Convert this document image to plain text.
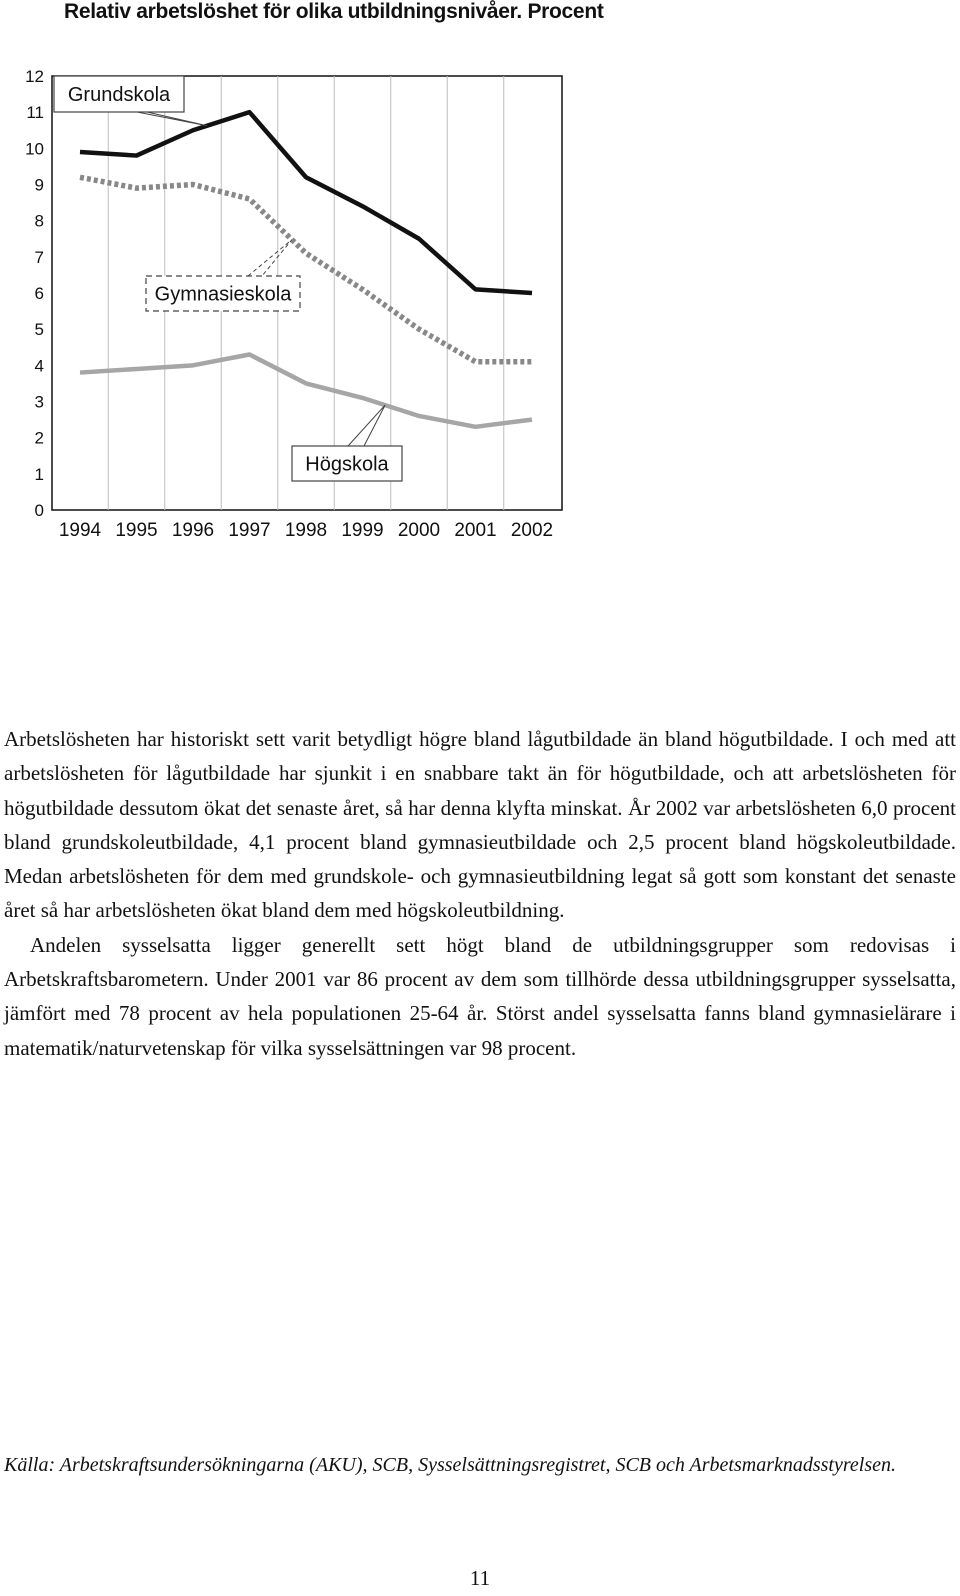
Relativ arbetslöshet för olika utbildningsnivåer. Procent
0
1
2
3
4
5
6
7
8
9
10
11
12
1994 1995 1996 1997 1998 1999 2000 2001 2002
Grundskola
Gymnasieskola
Högskola

Arbetslösheten har historiskt sett varit betydligt högre bland lågutbildade än bland högutbildade. I och med att arbetslösheten för lågutbildade har sjunkit i en snabbare takt än för högutbildade, och att arbetslösheten för högutbildade dessutom ökat det senaste året, så har denna klyfta minskat. År 2002 var arbetslösheten 6,0 procent bland grundskoleutbildade, 4,1 procent bland gymnasieutbildade och 2,5 procent bland högskoleutbildade. Medan arbetslösheten för dem med grundskole- och gymnasieutbildning legat så gott som konstant det senaste året så har arbetslösheten ökat bland dem med högskoleutbildning.

Andelen sysselsatta ligger generellt sett högt bland de utbildningsgrupper som redovisas i Arbetskraftsbarometern. Under 2001 var 86 procent av dem som tillhörde dessa utbildningsgrupper sysselsatta, jämfört med 78 procent av hela populationen 25-64 år. Störst andel sysselsatta fanns bland gymnasielärare i matematik/naturvetenskap för vilka sysselsättningen var 98 procent.

Källa: Arbetskraftsundersökningarna (AKU), SCB, Sysselsättningsregistret, SCB och Arbetsmarknadsstyrelsen.

11
